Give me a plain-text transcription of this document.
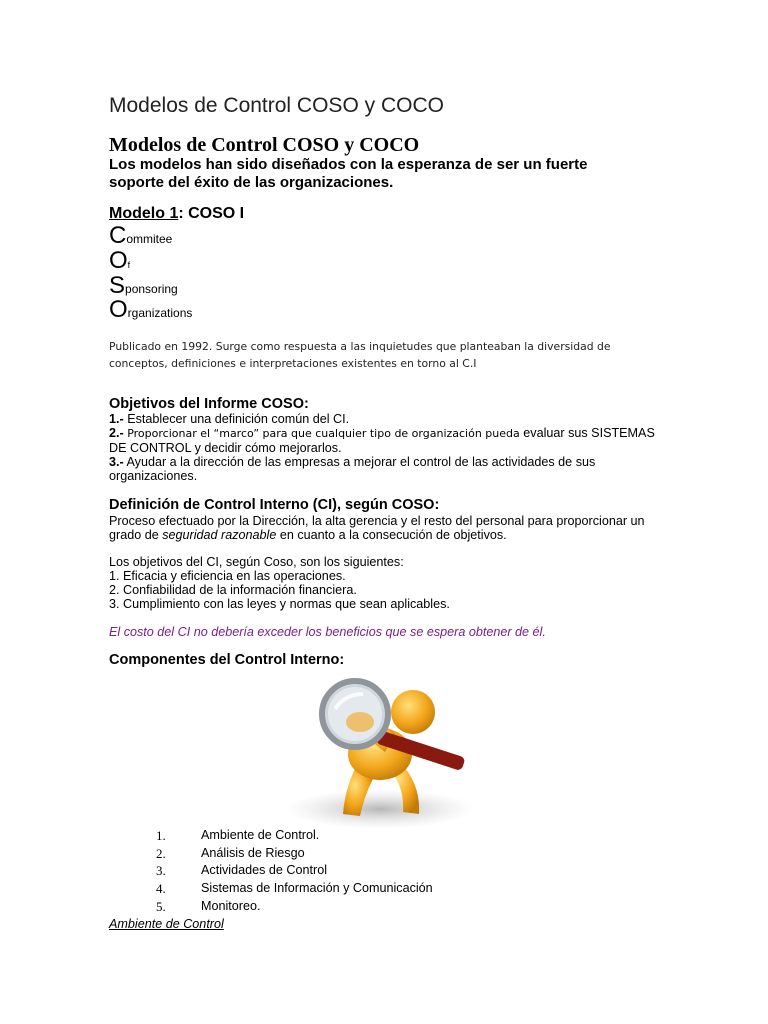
Modelos de Control COSO y COCO
Modelos de Control COSO y COCO
Los modelos han sido diseñados con la esperanza de ser un fuerte soporte del éxito de las organizaciones.
Modelo 1: COSO I
Commitee
Of
Sponsoring
Organizations
Publicado en 1992. Surge como respuesta a las inquietudes que planteaban la diversidad de conceptos, definiciones e interpretaciones existentes en torno al C.I
Objetivos del Informe COSO:
1.- Establecer una definición común del CI.
2.- Proporcionar el “marco” para que cualquier tipo de organización pueda evaluar sus SISTEMAS DE CONTROL y decidir cómo mejorarlos.
3.- Ayudar a la dirección de las empresas a mejorar el control de las actividades de sus organizaciones.
Definición de Control Interno (CI), según COSO:
Proceso efectuado por la Dirección, la alta gerencia y el resto del personal para proporcionar un grado de seguridad razonable en cuanto a la consecución de objetivos.
Los objetivos del CI, según Coso, son los siguientes:
1. Eficacia y eficiencia en las operaciones.
2. Confiabilidad de la información financiera.
3. Cumplimiento con las leyes y normas que sean aplicables.
El costo del CI no debería exceder los beneficios que se espera obtener de él.
Componentes del Control Interno:
1.	Ambiente de Control.
2.	Análisis de Riesgo
3.	Actividades de Control
4.	Sistemas de Información y Comunicación
5.	Monitoreo.
Ambiente de Control
